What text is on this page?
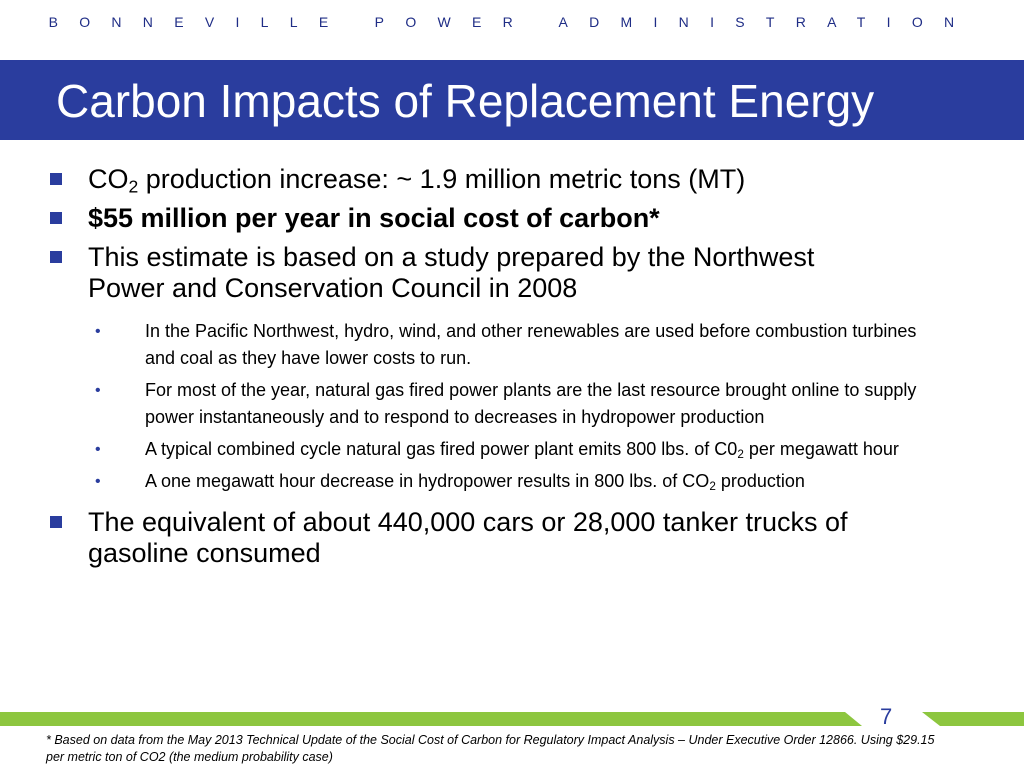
BONNEVILLE POWER ADMINISTRATION
Carbon Impacts of Replacement Energy
$CO_2$ production increase: ~ 1.9 million metric tons (MT)
$55 million per year in social cost of carbon*
This estimate is based on a study prepared by the Northwest Power and Conservation Council in 2008
• In the Pacific Northwest, hydro, wind, and other renewables are used before combustion turbines and coal as they have lower costs to run.
• For most of the year, natural gas fired power plants are the last resource brought online to supply power instantaneously and to respond to decreases in hydropower production
• A typical combined cycle natural gas fired power plant emits 800 lbs. of $C0_2$ per megawatt hour
• A one megawatt hour decrease in hydropower results in 800 lbs. of $CO_2$ production
The equivalent of about 440,000 cars or 28,000 tanker trucks of gasoline consumed
7
* Based on data from the May 2013 Technical Update of the Social Cost of Carbon for Regulatory Impact Analysis – Under Executive Order 12866. Using $29.15 per metric ton of CO2 (the medium probability case)
